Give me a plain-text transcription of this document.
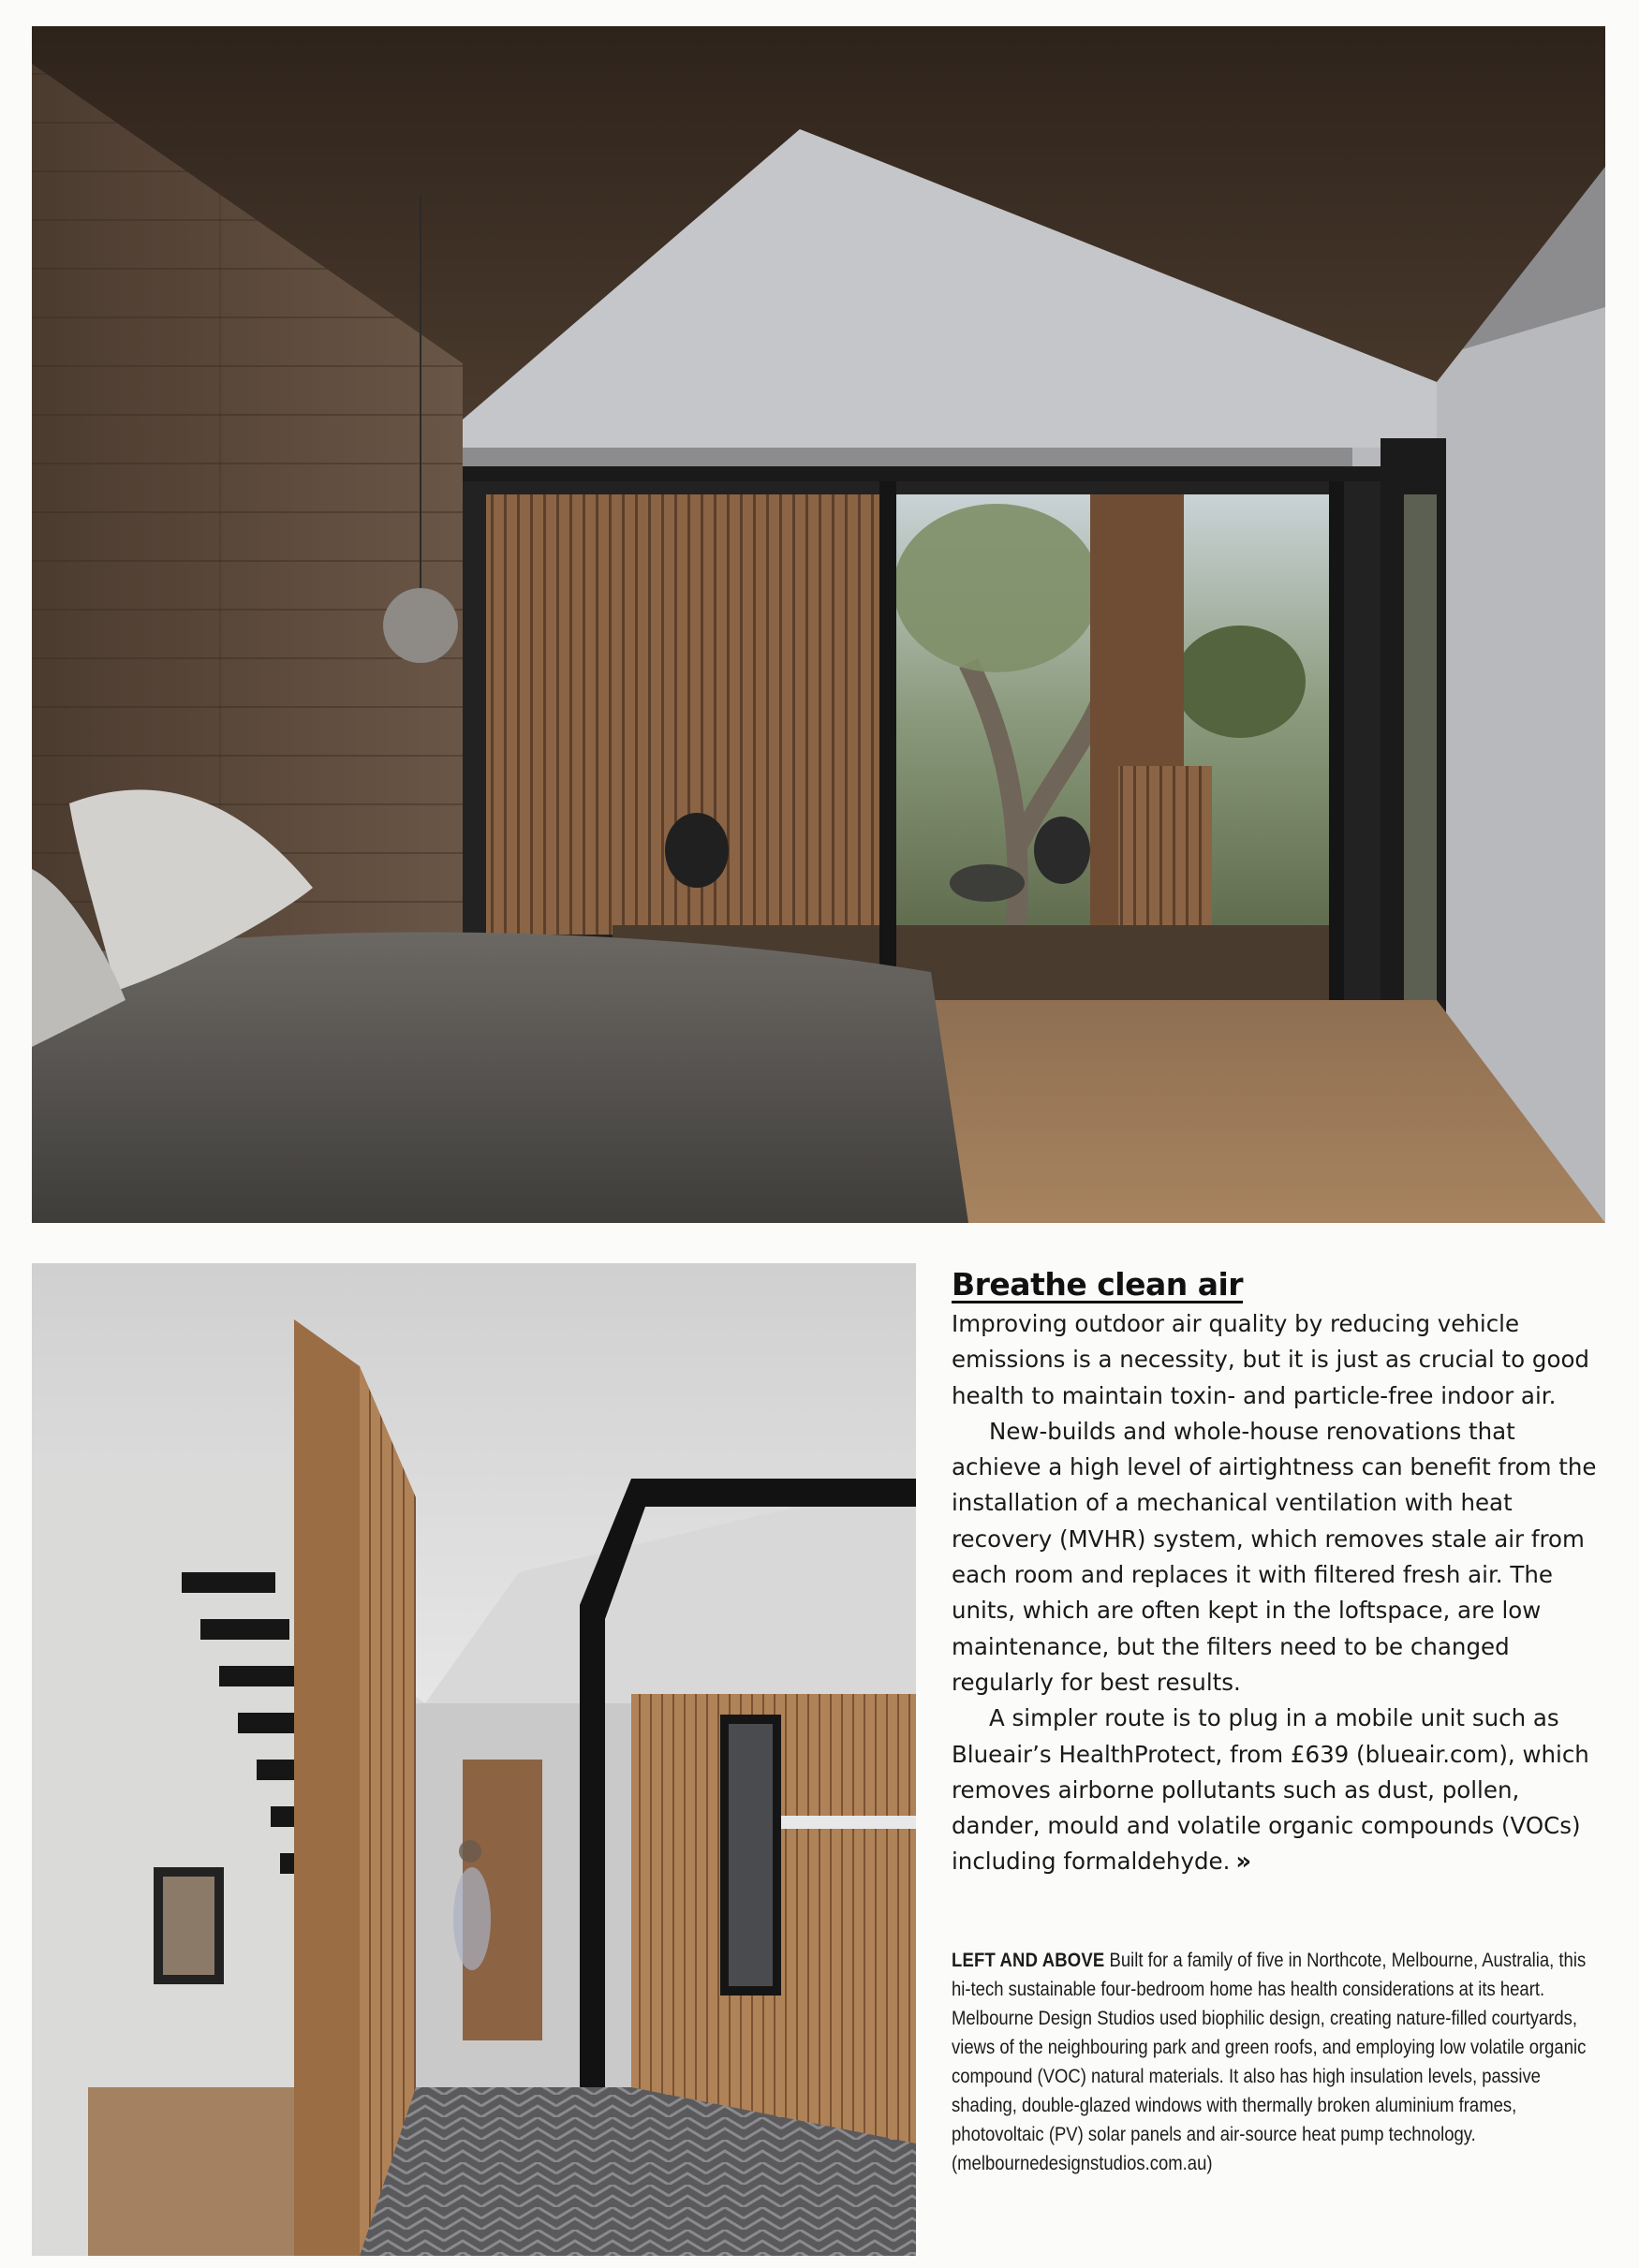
Breathe clean air

Improving outdoor air quality by reducing vehicle emissions is a necessity, but it is just as crucial to good health to maintain toxin- and particle-free indoor air.

New-builds and whole-house renovations that achieve a high level of airtightness can benefit from the installation of a mechanical ventilation with heat recovery (MVHR) system, which removes stale air from each room and replaces it with filtered fresh air. The units, which are often kept in the loftspace, are low maintenance, but the filters need to be changed regularly for best results.

A simpler route is to plug in a mobile unit such as Blueair’s HealthProtect, from £639 (blueair.com), which removes airborne pollutants such as dust, pollen, dander, mould and volatile organic compounds (VOCs) including formaldehyde. »

LEFT AND ABOVE Built for a family of five in Northcote, Melbourne, Australia, this hi-tech sustainable four-bedroom home has health considerations at its heart. Melbourne Design Studios used biophilic design, creating nature-filled courtyards, views of the neighbouring park and green roofs, and employing low volatile organic compound (VOC) natural materials. It also has high insulation levels, passive shading, double-glazed windows with thermally broken aluminium frames, photovoltaic (PV) solar panels and air-source heat pump technology. (melbournedesignstudios.com.au)
